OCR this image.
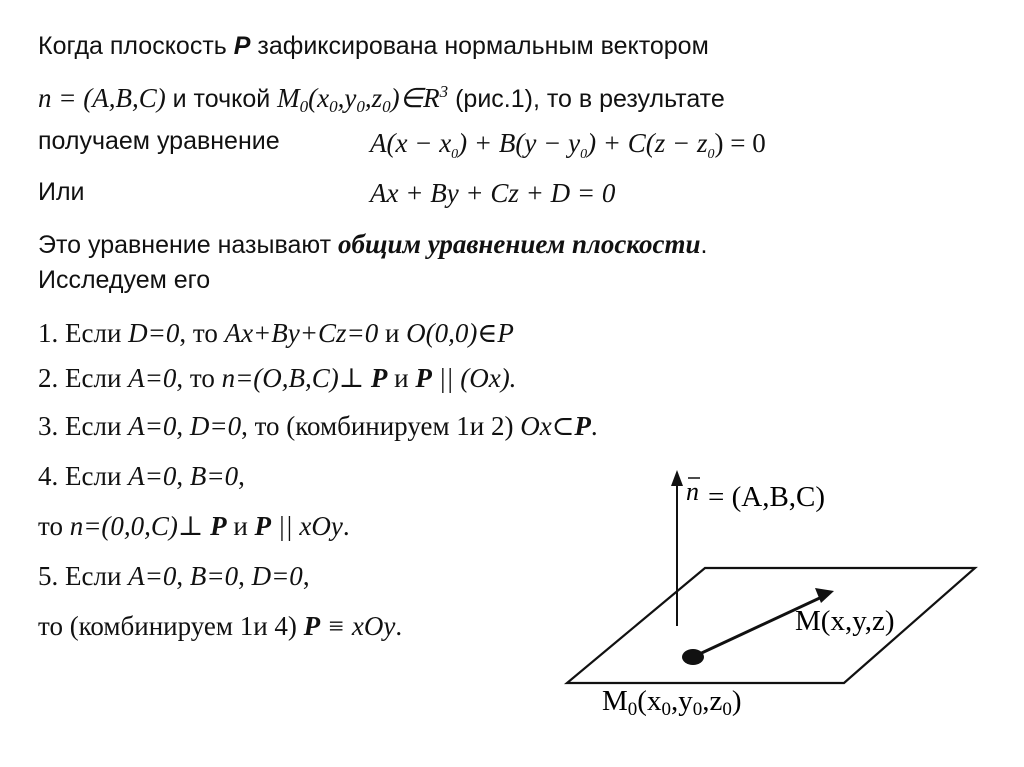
Когда плоскость P зафиксирована нормальным вектором
n = (A,B,C) и точкой $M_0(x_0,y_0,z_0)\in R^3$ (рис.1), то в результате
получаем уравнение	$A(x - x_0) + B(y - y_0) + C(z - z_0) = 0$
Или	Ax + By + Cz + D = 0
Это уравнение называют общим уравнением плоскости.
Исследуем его
1. Если D=0, то Ax+By+Cz=0 и O(0,0)∈P
2. Если A=0, то n=(O,B,C)⊥ P и P || (Ox).
3. Если A=0, D=0, то (комбинируем 1и 2) Ox⊂P.
4. Если A=0, B=0,
то n=(0,0,C)⊥ P и P || xOy.
5. Если A=0, B=0, D=0,
то (комбинируем 1и 4) P ≡ xOy.
n = (A,B,C)
M(x,y,z)
M0(x0,y0,z0)
